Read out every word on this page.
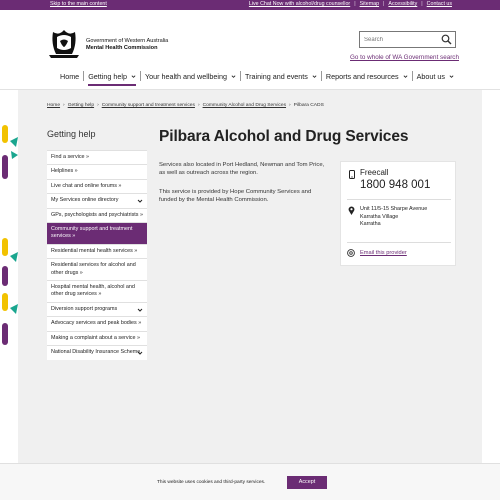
Skip to the main content	Live Chat Now with alcohol/drug counsellor | Sitemap | Accessibility | Contact us
Government of Western Australia
Mental Health Commission
Search
Go to whole of WA Government search
Home Getting help	Your health and wellbeing	Training and events	Reports and resources	About us
Home › Getting help › Community support and treatment services › Community Alcohol and Drug Services › Pilbara CADS
Getting help
Find a service »
Helplines »
Live chat and online forums »
My Services online directory
GPs, psychologists and psychiatrists »
Community support and treatment services »
Residential mental health services »
Residential services for alcohol and other drugs »
Hospital mental health, alcohol and other drug services »
Diversion support programs
Advocacy services and peak bodies »
Making a complaint about a service »
National Disability Insurance Scheme
Pilbara Alcohol and Drug Services

Services also located in Port Hedland, Newman and Tom Price, as well as outreach across the region.

This service is provided by Hope Community Services and funded by the Mental Health Commission.

Freecall
1800 948 001
Unit 11/5-15 Sharpe Avenue
Karratha Village
Karratha
Email this provider
This website uses cookies and third-party services.	Accept
